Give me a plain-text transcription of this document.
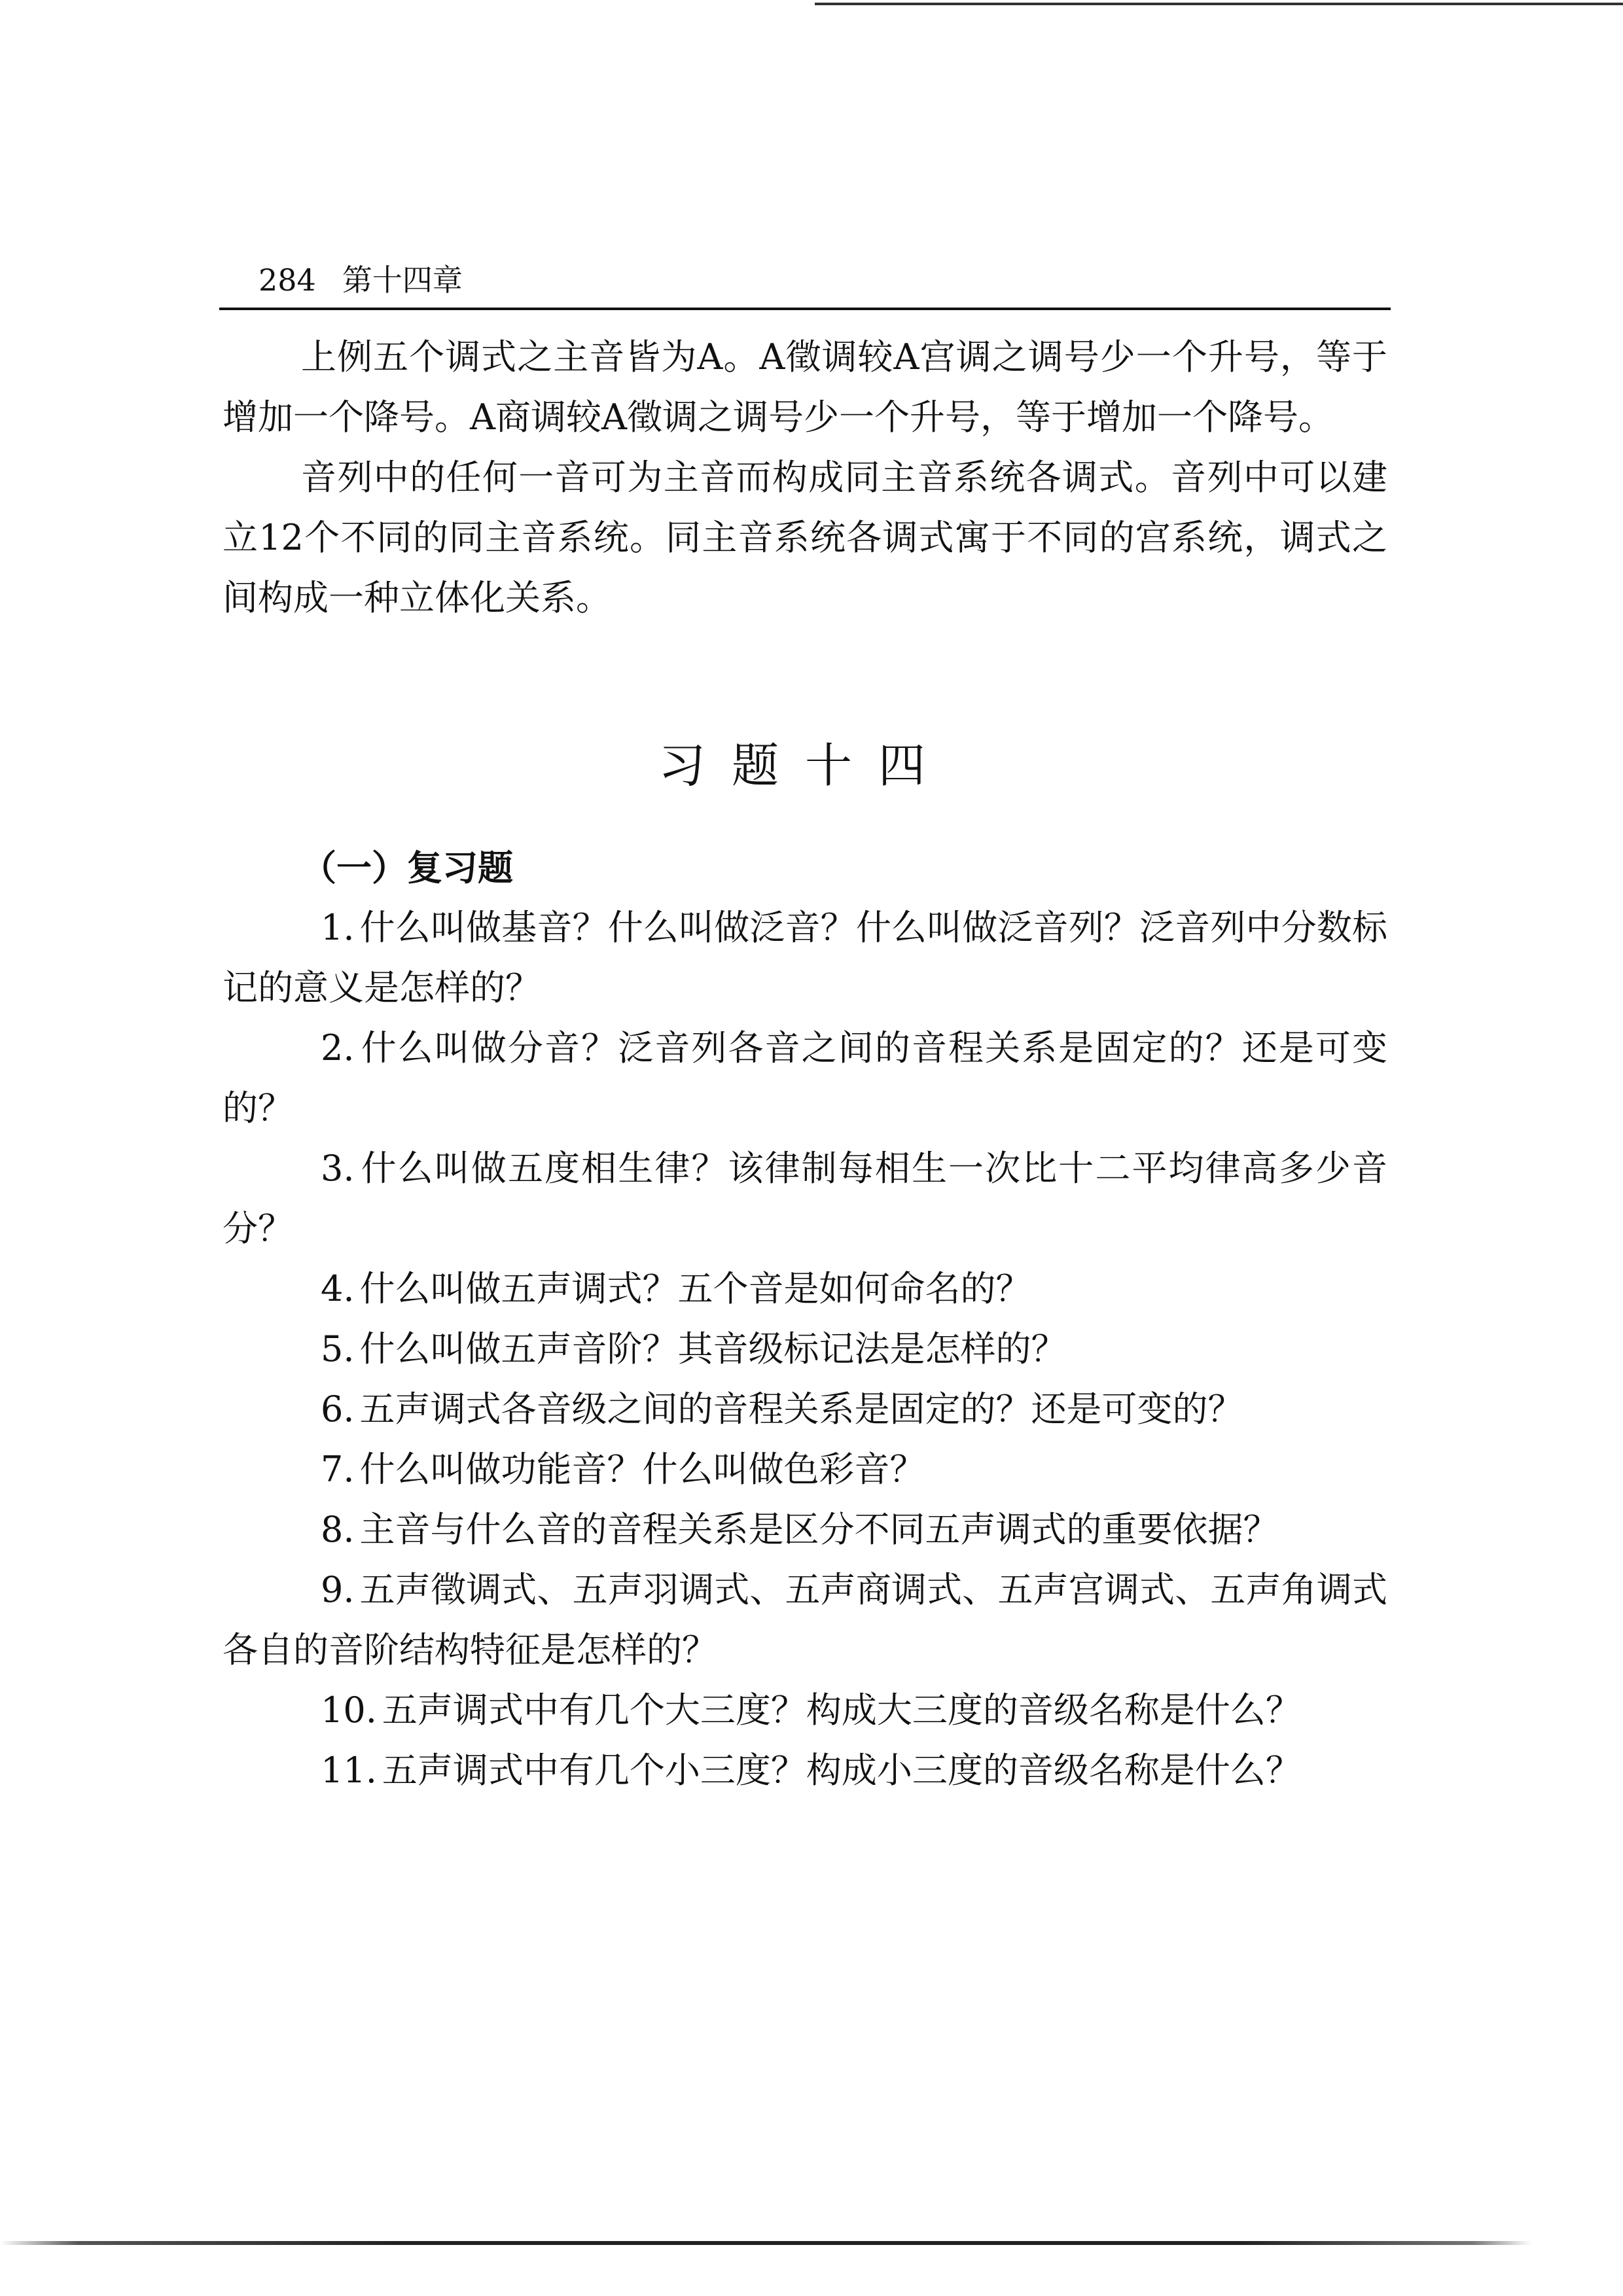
284 第十四章

上例五个调式之主音皆为A。A徵调较A宫调之调号少一个升号，等于增加一个降号。A商调较A徵调之调号少一个升号，等于增加一个降号。

音列中的任何一音可为主音而构成同主音系统各调式。音列中可以建立12个不同的同主音系统。同主音系统各调式寓于不同的宫系统，调式之间构成一种立体化关系。

习题十四

（一）复习题

1. 什么叫做基音？什么叫做泛音？什么叫做泛音列？泛音列中分数标记的意义是怎样的？

2. 什么叫做分音？泛音列各音之间的音程关系是固定的？还是可变的？

3. 什么叫做五度相生律？该律制每相生一次比十二平均律高多少音分？

4. 什么叫做五声调式？五个音是如何命名的？

5. 什么叫做五声音阶？其音级标记法是怎样的？

6. 五声调式各音级之间的音程关系是固定的？还是可变的？

7. 什么叫做功能音？什么叫做色彩音？

8. 主音与什么音的音程关系是区分不同五声调式的重要依据？

9. 五声徵调式、五声羽调式、五声商调式、五声宫调式、五声角调式各自的音阶结构特征是怎样的？

10. 五声调式中有几个大三度？构成大三度的音级名称是什么？

11. 五声调式中有几个小三度？构成小三度的音级名称是什么？
